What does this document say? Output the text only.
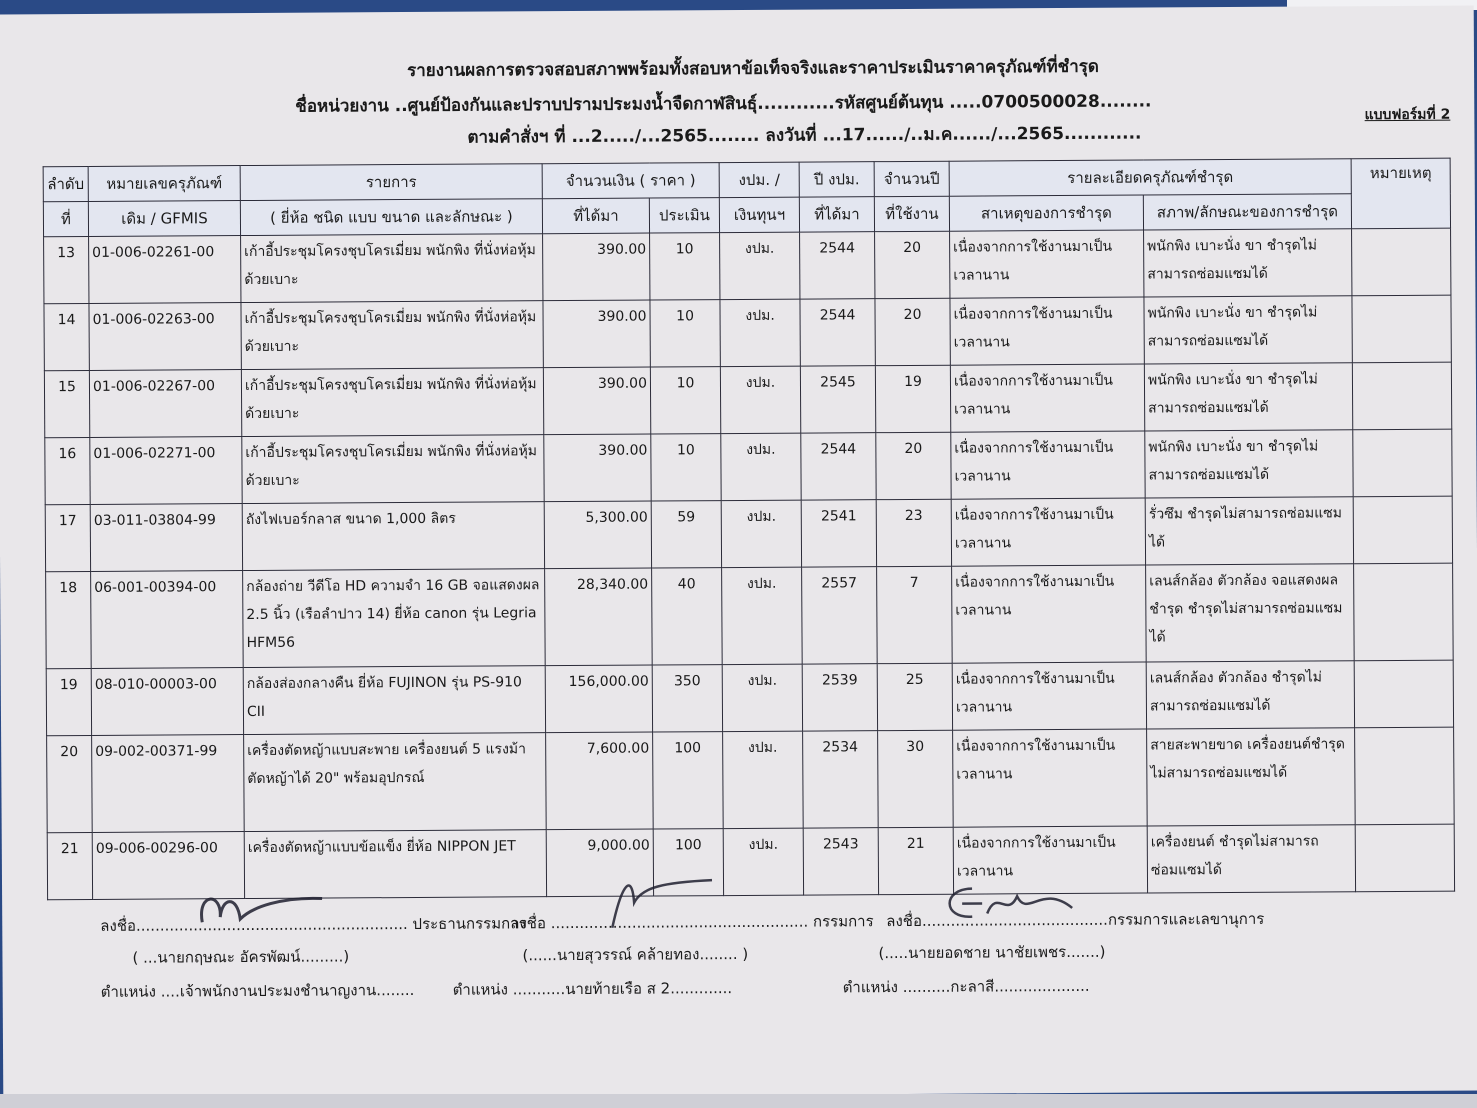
รายงานผลการตรวจสอบสภาพพร้อมทั้งสอบหาข้อเท็จจริงและราคาประเมินราคาครุภัณฑ์ที่ชำรุด
ชื่อหน่วยงาน ..ศูนย์ป้องกันและปราบปรามประมงน้ำจืดกาฬสินธุ์............รหัสศูนย์ต้นทุน .....0700500028........
ตามคำสั่งฯ ที่ ...2...../...2565........ ลงวันที่ ...17....../..ม.ค....../...2565............
แบบฟอร์มที่ 2
ลำดับ	หมายเลขครุภัณฑ์	รายการ	จำนวนเงิน ( ราคา )		งปม. /	ปี งปม.	จำนวนปี	รายละเอียดครุภัณฑ์ชำรุด		หมายเหตุ
ที่	เดิม / GFMIS	( ยี่ห้อ ชนิด แบบ ขนาด และลักษณะ )	ที่ได้มา	ประเมิน	เงินทุนฯ	ที่ได้มา	ที่ใช้งาน	สาเหตุของการชำรุด	สภาพ/ลักษณะของการชำรุด	
13	01-006-02261-00	เก้าอี้ประชุมโครงชุบโครเมี่ยม พนักพิง ที่นั่งห่อหุ้มด้วยเบาะ	390.00	10	งปม.	2544	20	เนื่องจากการใช้งานมาเป็นเวลานาน	พนักพิง เบาะนั่ง ขา ชำรุดไม่สามารถซ่อมแซมได้	
14	01-006-02263-00	เก้าอี้ประชุมโครงชุบโครเมี่ยม พนักพิง ที่นั่งห่อหุ้มด้วยเบาะ	390.00	10	งปม.	2544	20	เนื่องจากการใช้งานมาเป็นเวลานาน	พนักพิง เบาะนั่ง ขา ชำรุดไม่สามารถซ่อมแซมได้	
15	01-006-02267-00	เก้าอี้ประชุมโครงชุบโครเมี่ยม พนักพิง ที่นั่งห่อหุ้มด้วยเบาะ	390.00	10	งปม.	2545	19	เนื่องจากการใช้งานมาเป็นเวลานาน	พนักพิง เบาะนั่ง ขา ชำรุดไม่สามารถซ่อมแซมได้	
16	01-006-02271-00	เก้าอี้ประชุมโครงชุบโครเมี่ยม พนักพิง ที่นั่งห่อหุ้มด้วยเบาะ	390.00	10	งปม.	2544	20	เนื่องจากการใช้งานมาเป็นเวลานาน	พนักพิง เบาะนั่ง ขา ชำรุดไม่สามารถซ่อมแซมได้	
17	03-011-03804-99	ถังไฟเบอร์กลาส ขนาด 1,000 ลิตร	5,300.00	59	งปม.	2541	23	เนื่องจากการใช้งานมาเป็นเวลานาน	รั่วซึม ชำรุดไม่สามารถซ่อมแซมได้	
18	06-001-00394-00	กล้องถ่าย วีดีโอ HD ความจำ 16 GB จอแสดงผล 2.5 นิ้ว (เรือลำปาว 14) ยี่ห้อ canon รุ่น Legria HFM56	28,340.00	40	งปม.	2557	7	เนื่องจากการใช้งานมาเป็นเวลานาน	เลนส์กล้อง ตัวกล้อง จอแสดงผลชำรุด ชำรุดไม่สามารถซ่อมแซมได้	
19	08-010-00003-00	กล้องส่องกลางคืน ยี่ห้อ FUJINON รุ่น PS-910 CII	156,000.00	350	งปม.	2539	25	เนื่องจากการใช้งานมาเป็นเวลานาน	เลนส์กล้อง ตัวกล้อง ชำรุดไม่สามารถซ่อมแซมได้	
20	09-002-00371-99	เครื่องตัดหญ้าแบบสะพาย เครื่องยนต์ 5 แรงม้า ตัดหญ้าได้ 20" พร้อมอุปกรณ์	7,600.00	100	งปม.	2534	30	เนื่องจากการใช้งานมาเป็นเวลานาน	สายสะพายขาด เครื่องยนต์ชำรุดไม่สามารถซ่อมแซมได้	
21	09-006-00296-00	เครื่องตัดหญ้าแบบข้อแข็ง ยี่ห้อ NIPPON JET	9,000.00	100	งปม.	2543	21	เนื่องจากการใช้งานมาเป็นเวลานาน	เครื่องยนต์ ชำรุดไม่สามารถซ่อมแซมได้	
ลงชื่อ......................................................... ประธานกรรมการ
( ...นายกฤษณะ อัครพัฒน์.........)
ตำแหน่ง ....เจ้าพนักงานประมงชำนาญงาน........
ลงชื่อ ...................................................... กรรมการ
(......นายสุวรรณ์ คล้ายทอง........ )
ตำแหน่ง ...........นายท้ายเรือ ส 2.............
ลงชื่อ.......................................กรรมการและเลขานุการ
(.....นายยอดชาย นาชัยเพชร.......)
ตำแหน่ง ..........กะลาสี....................
